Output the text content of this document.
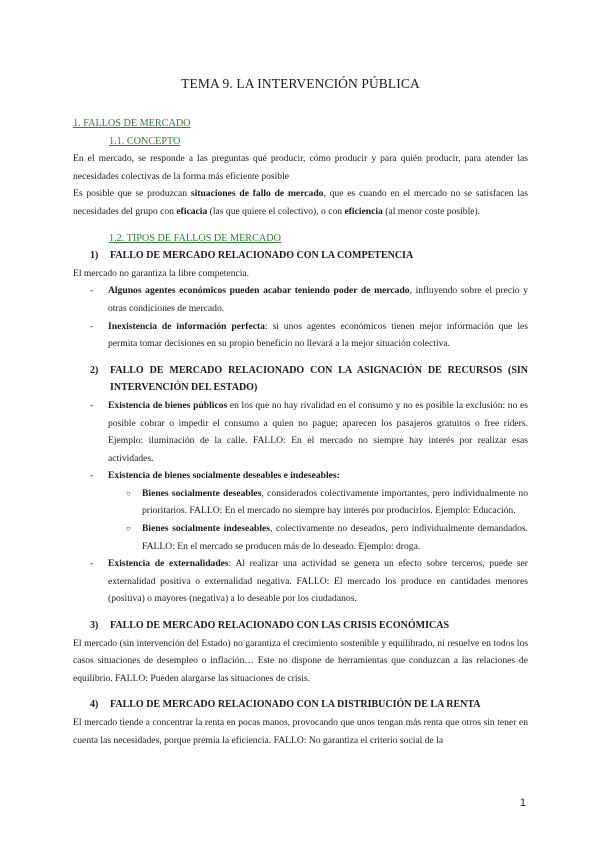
TEMA 9. LA INTERVENCIÓN PÚBLICA
1. FALLOS DE MERCADO
1.1. CONCEPTO

En el mercado, se responde a las preguntas qué producir, cómo producir y para quién producir, para atender las necesidades colectivas de la forma más eficiente posible

Es posible que se produzcan situaciones de fallo de mercado, que es cuando en el mercado no se satisfacen las necesidades del grupo con eficacia (las que quiere el colectivo), o con eficiencia (al menor coste posible).

1.2. TIPOS DE FALLOS DE MERCADO
1)	FALLO DE MERCADO RELACIONADO CON LA COMPETENCIA

El mercado no garantiza la libre competencia.

-	Algunos agentes económicos pueden acabar teniendo poder de mercado, influyendo sobre el precio y otras condiciones de mercado.
-	Inexistencia de información perfecta: si unos agentes económicos tienen mejor información que les permita tomar decisiones en su propio beneficio no llevará a la mejor situación colectiva.
2)	FALLO DE MERCADO RELACIONADO CON LA ASIGNACIÓN DE RECURSOS (SIN INTERVENCIÓN DEL ESTADO)
-	Existencia de bienes públicos en los que no hay rivalidad en el consumo y no es posible la exclusión: no es posible cobrar o impedir el consumo a quien no pague; aparecen los pasajeros gratuitos o free riders. Ejemplo: iluminación de la calle. FALLO: En el mercado no siempre hay interés por realizar esas actividades.
-	Existencia de bienes socialmente deseables e indeseables:
○	Bienes socialmente deseables, considerados colectivamente importantes, pero individualmente no prioritarios. FALLO: En el mercado no siempre hay interés por producirlos. Ejemplo: Educación.
○	Bienes socialmente indeseables, colectivamente no deseados, pero individualmente demandados. FALLO: En el mercado se producen más de lo deseado. Ejemplo: droga.
-	Existencia de externalidades: Al realizar una actividad se genera un efecto sobre terceros, puede ser externalidad positiva o externalidad negativa. FALLO: El mercado los produce en cantidades menores (positiva) o mayores (negativa) a lo deseable por los ciudadanos.
3)	FALLO DE MERCADO RELACIONADO CON LAS CRISIS ECONÓMICAS

El mercado (sin intervención del Estado) no garantiza el crecimiento sostenible y equilibrado, ni resuelve en todos los casos situaciones de desempleo o inflación… Este no dispone de herramientas que conduzcan a las relaciones de equilibrio. FALLO: Pueden alargarse las situaciones de crisis.

4)	FALLO DE MERCADO RELACIONADO CON LA DISTRIBUCIÓN DE LA RENTA

El mercado tiende a concentrar la renta en pocas manos, provocando que unos tengan más renta que otros sin tener en cuenta las necesidades, porque premia la eficiencia. FALLO: No garantiza el criterio social de la

1
